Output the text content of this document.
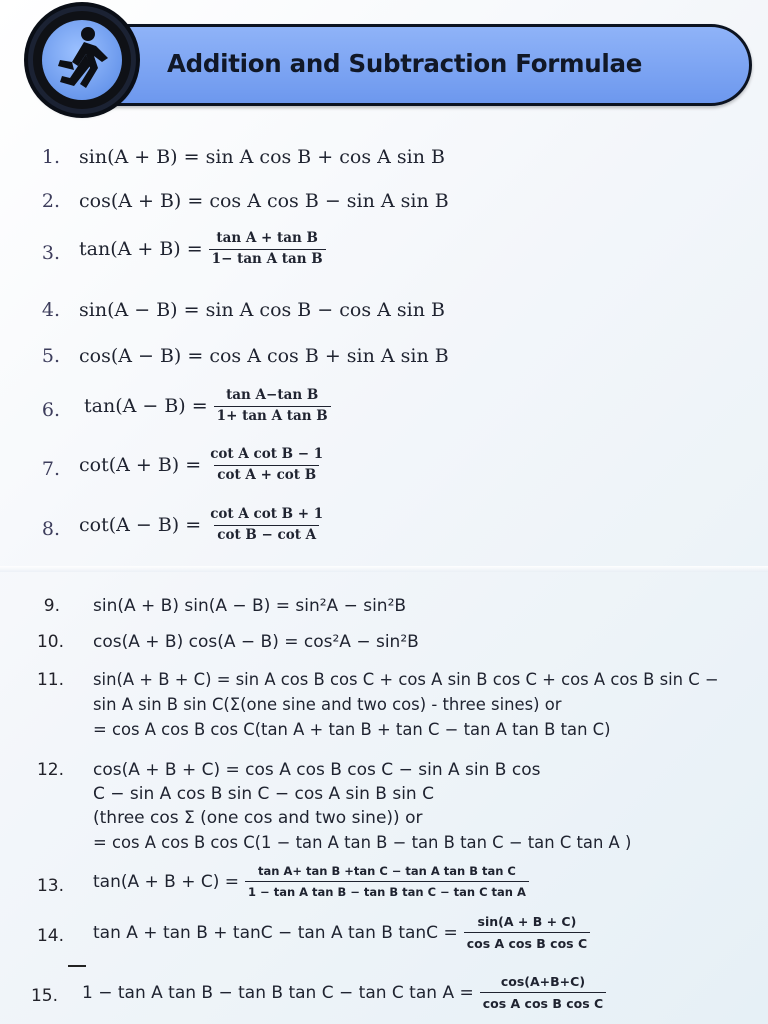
Addition and Subtraction Formulae
1. sin(A + B) = sin A cos B + cos A sin B
2. cos(A + B) = cos A cos B − sin A sin B
3. $\tan(A + B) = \frac{\text{tan A + tan B}}{\text{1− tan A tan B}}$
4. sin(A − B) = sin A cos B − cos A sin B
5. cos(A − B) = cos A cos B + sin A sin B
6. $\tan(A - B) = \frac{\text{tan A−tan B}}{\text{1+ tan A tan B}}$
7. $\cot(A + B) = \frac{\text{cot A cot B − 1}}{\text{cot A + cot B}}$
8. $\cot(A - B) = \frac{\text{cot A cot B + 1}}{\text{cot B − cot A}}$
9. sin(A + B) sin(A − B) = sin²A − sin²B
10. cos(A + B) cos(A − B) = cos²A − sin²B
11. sin(A + B + C) = sin A cos B cos C + cos A sin B cos C + cos A cos B sin C −
sin A sin B sin C(Σ(one sine and two cos) - three sines) or
= cos A cos B cos C(tan A + tan B + tan C − tan A tan B tan C)
12. cos(A + B + C) = cos A cos B cos C − sin A sin B cos
C − sin A cos B sin C − cos A sin B sin C
(three cos Σ (one cos and two sine)) or
= cos A cos B cos C(1 − tan A tan B − tan B tan C − tan C tan A )
13. $\tan(A + B + C) = \frac{\text{tan A+ tan B +tan C − tan A tan B tan C}}{\text{1 − tan A tan B − tan B tan C − tan C tan A}}$
14. tan A + tan B + tanC − tan A tan B $\tan C = \frac{\sin(A + B + C)}{\text{cos A cos B cos C}}$
15. 1 − tan A tan B − tan B tan C − tan C $\tan A = \frac{\cos(A+B+C)}{\text{cos A cos B cos C}}$
